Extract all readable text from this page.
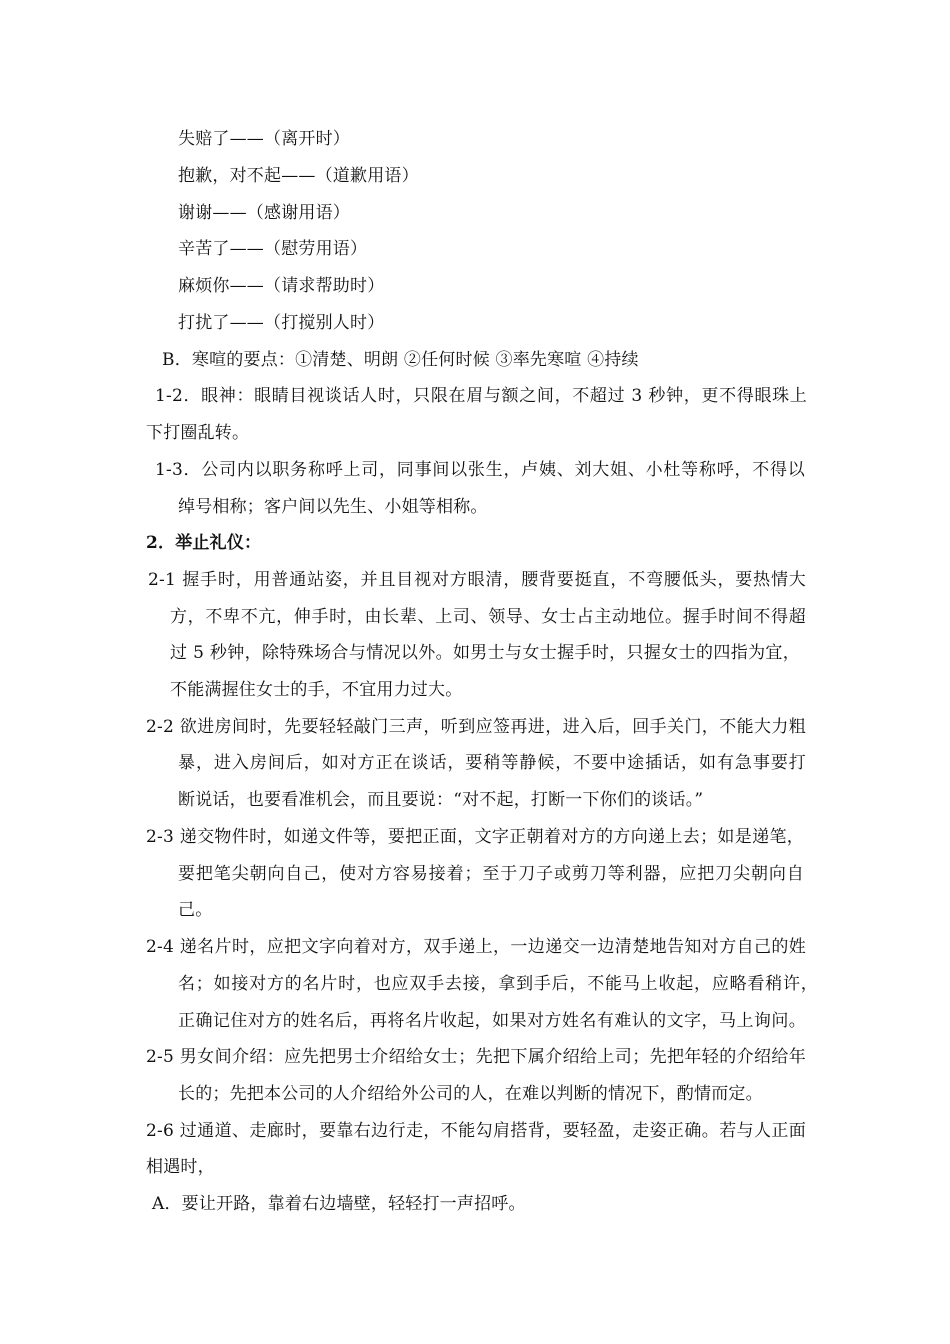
失赔了——（离开时）
抱歉，对不起——（道歉用语）
谢谢——（感谢用语）
辛苦了——（慰劳用语）
麻烦你——（请求帮助时）
打扰了——（打搅别人时）
B．寒喧的要点：①清楚、明朗 ②任何时候 ③率先寒喧 ④持续
1-2．眼神：眼睛目视谈话人时，只限在眉与额之间，不超过 3 秒钟，更不得眼珠上
下打圈乱转。
1-3．公司内以职务称呼上司，同事间以张生，卢姨、刘大姐、小杜等称呼，不得以
绰号相称；客户间以先生、小姐等相称。
2．举止礼仪：
2-1 握手时，用普通站姿，并且目视对方眼清，腰背要挺直，不弯腰低头，要热情大
方，不卑不亢，伸手时，由长辈、上司、领导、女士占主动地位。握手时间不得超
过 5 秒钟，除特殊场合与情况以外。如男士与女士握手时，只握女士的四指为宜，
不能满握住女士的手，不宜用力过大。
2-2 欲进房间时，先要轻轻敲门三声，听到应签再进，进入后，回手关门，不能大力粗
暴，进入房间后，如对方正在谈话，要稍等静候，不要中途插话，如有急事要打
断说话，也要看准机会，而且要说：“对不起，打断一下你们的谈话。”
2-3 递交物件时，如递文件等，要把正面，文字正朝着对方的方向递上去；如是递笔，
要把笔尖朝向自己，使对方容易接着；至于刀子或剪刀等利器，应把刀尖朝向自
己。
2-4 递名片时，应把文字向着对方，双手递上，一边递交一边清楚地告知对方自己的姓
名；如接对方的名片时，也应双手去接，拿到手后，不能马上收起，应略看稍许，
正确记住对方的姓名后，再将名片收起，如果对方姓名有难认的文字，马上询问。
2-5 男女间介绍：应先把男士介绍给女士；先把下属介绍给上司；先把年轻的介绍给年
长的；先把本公司的人介绍给外公司的人，在难以判断的情况下，酌情而定。
2-6 过通道、走廊时，要靠右边行走，不能勾肩搭背，要轻盈，走姿正确。若与人正面
相遇时，
A．要让开路，靠着右边墙壁，轻轻打一声招呼。
